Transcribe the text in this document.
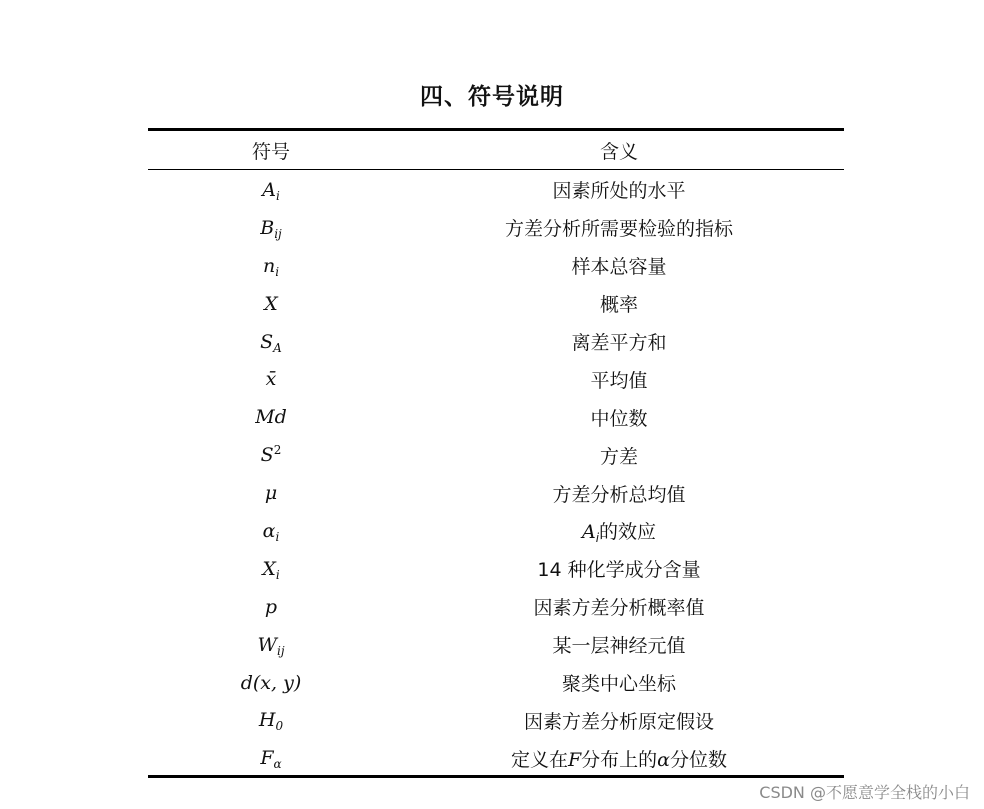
四、符号说明
符号	含义
$A_i$	因素所处的水平
$B_{ij}$	方差分析所需要检验的指标
$n_i$	样本总容量
X	概率
$S_A$	离差平方和
x̄	平均值
Md	中位数
$S^2$	方差
μ	方差分析总均值
$\alpha_i$	$A_i$的效应
$X_i$	14 种化学成分含量
p	因素方差分析概率值
$W_{ij}$	某一层神经元值
d(x, y)	聚类中心坐标
$H_0$	因素方差分析原定假设
$F_\alpha$	定义在F分布上的α分位数
CSDN @不愿意学全栈的小白
